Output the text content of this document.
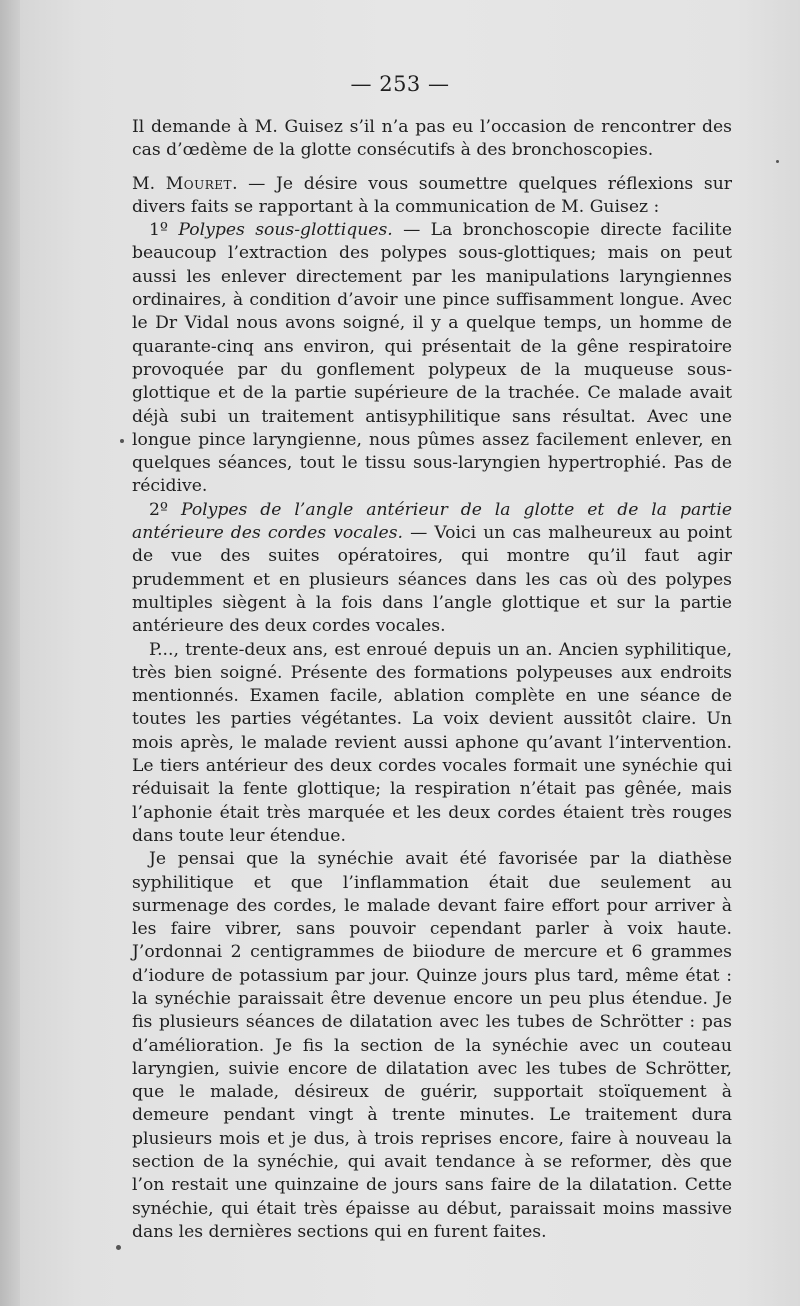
— 253 —

Il demande à M. Guisez s’il n’a pas eu l’occasion de rencontrer des cas d’œdème de la glotte consécutifs à des bronchoscopies.

M. Mouret. — Je désire vous soumettre quelques réflexions sur divers faits se rapportant à la communication de M. Guisez :

1º Polypes sous-glottiques. — La bronchoscopie directe facilite beaucoup l’extraction des polypes sous-glottiques; mais on peut aussi les enlever directement par les manipulations laryngiennes ordinaires, à condition d’avoir une pince suffisamment longue. Avec le Dr Vidal nous avons soigné, il y a quelque temps, un homme de quarante-cinq ans environ, qui présentait de la gêne respiratoire provoquée par du gonflement polypeux de la muqueuse sous-glottique et de la partie supérieure de la trachée. Ce malade avait déjà subi un traitement antisyphilitique sans résultat. Avec une longue pince laryngienne, nous pûmes assez facilement enlever, en quelques séances, tout le tissu sous-laryngien hypertrophié. Pas de récidive.

2º Polypes de l’angle antérieur de la glotte et de la partie antérieure des cordes vocales. — Voici un cas malheureux au point de vue des suites opératoires, qui montre qu’il faut agir prudemment et en plusieurs séances dans les cas où des polypes multiples siègent à la fois dans l’angle glottique et sur la partie antérieure des deux cordes vocales.

P..., trente-deux ans, est enroué depuis un an. Ancien syphilitique, très bien soigné. Présente des formations polypeuses aux endroits mentionnés. Examen facile, ablation complète en une séance de toutes les parties végétantes. La voix devient aussitôt claire. Un mois après, le malade revient aussi aphone qu’avant l’intervention. Le tiers antérieur des deux cordes vocales formait une synéchie qui réduisait la fente glottique; la respiration n’était pas gênée, mais l’aphonie était très marquée et les deux cordes étaient très rouges dans toute leur étendue.

Je pensai que la synéchie avait été favorisée par la diathèse syphilitique et que l’inflammation était due seulement au surmenage des cordes, le malade devant faire effort pour arriver à les faire vibrer, sans pouvoir cependant parler à voix haute. J’ordonnai 2 centigrammes de biiodure de mercure et 6 grammes d’iodure de potassium par jour. Quinze jours plus tard, même état : la synéchie paraissait être devenue encore un peu plus étendue. Je fis plusieurs séances de dilatation avec les tubes de Schrötter : pas d’amélioration. Je fis la section de la synéchie avec un couteau laryngien, suivie encore de dilatation avec les tubes de Schrötter, que le malade, désireux de guérir, supportait stoïquement à demeure pendant vingt à trente minutes. Le traitement dura plusieurs mois et je dus, à trois reprises encore, faire à nouveau la section de la synéchie, qui avait tendance à se reformer, dès que l’on restait une quinzaine de jours sans faire de la dilatation. Cette synéchie, qui était très épaisse au début, paraissait moins massive dans les dernières sections qui en furent faites.
